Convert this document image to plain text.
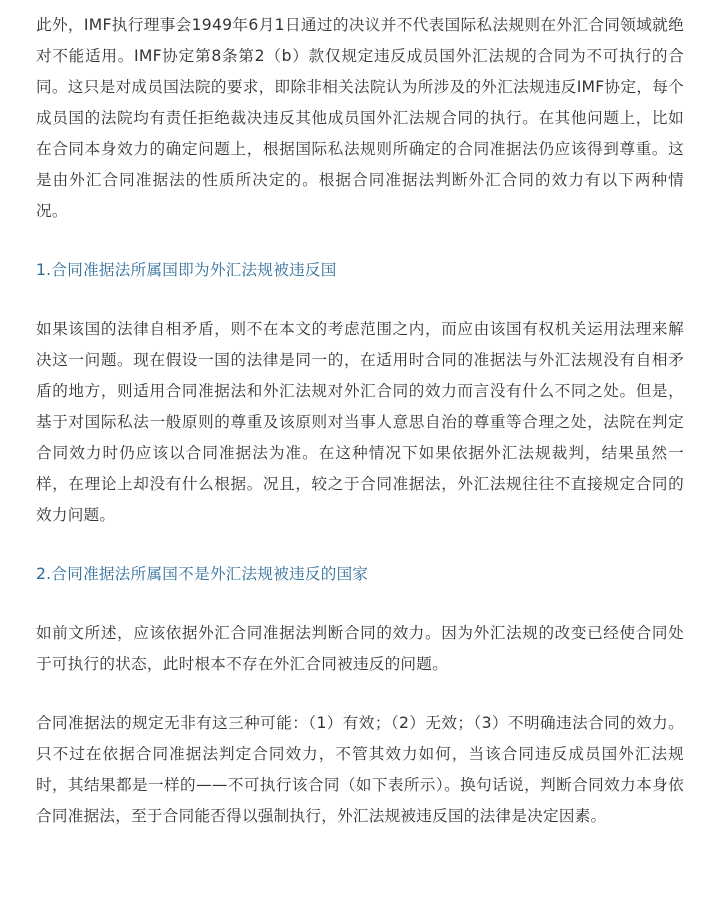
此外，IMF执行理事会1949年6月1日通过的决议并不代表国际私法规则在外汇合同领域就绝对不能适用。IMF协定第8条第2（b）款仅规定违反成员国外汇法规的合同为不可执行的合同。这只是对成员国法院的要求，即除非相关法院认为所涉及的外汇法规违反IMF协定，每个成员国的法院均有责任拒绝裁决违反其他成员国外汇法规合同的执行。在其他问题上，比如在合同本身效力的确定问题上，根据国际私法规则所确定的合同准据法仍应该得到尊重。这是由外汇合同准据法的性质所决定的。根据合同准据法判断外汇合同的效力有以下两种情况。

1.合同准据法所属国即为外汇法规被违反国

如果该国的法律自相矛盾，则不在本文的考虑范围之内，而应由该国有权机关运用法理来解决这一问题。现在假设一国的法律是同一的，在适用时合同的准据法与外汇法规没有自相矛盾的地方，则适用合同准据法和外汇法规对外汇合同的效力而言没有什么不同之处。但是，基于对国际私法一般原则的尊重及该原则对当事人意思自治的尊重等合理之处，法院在判定合同效力时仍应该以合同准据法为准。在这种情况下如果依据外汇法规裁判，结果虽然一样，在理论上却没有什么根据。况且，较之于合同准据法，外汇法规往往不直接规定合同的效力问题。

2.合同准据法所属国不是外汇法规被违反的国家

如前文所述，应该依据外汇合同准据法判断合同的效力。因为外汇法规的改变已经使合同处于可执行的状态，此时根本不存在外汇合同被违反的问题。

合同准据法的规定无非有这三种可能：（1）有效；（2）无效；（3）不明确违法合同的效力。只不过在依据合同准据法判定合同效力，不管其效力如何，当该合同违反成员国外汇法规时，其结果都是一样的——不可执行该合同（如下表所示）。换句话说，判断合同效力本身依合同准据法，至于合同能否得以强制执行，外汇法规被违反国的法律是决定因素。
